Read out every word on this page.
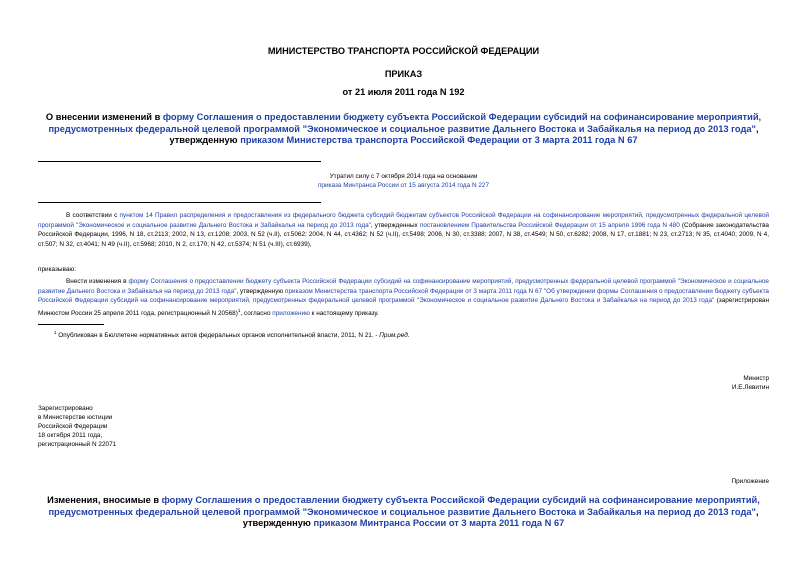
МИНИСТЕРСТВО ТРАНСПОРТА РОССИЙСКОЙ ФЕДЕРАЦИИ
ПРИКАЗ
от 21 июля 2011 года N 192
О внесении изменений в форму Соглашения о предоставлении бюджету субъекта Российской Федерации субсидий на софинансирование мероприятий,
предусмотренных федеральной целевой программой "Экономическое и социальное развитие Дальнего Востока и Забайкалья на период до 2013 года",
утвержденную приказом Министерства транспорта Российской Федерации от 3 марта 2011 года N 67
Утратил силу с 7 октября 2014 года на основании
приказа Минтранса России от 15 августа 2014 года N 227
В соответствии с пунктом 14 Правил распределения и предоставления из федерального бюджета субсидий бюджетам субъектов Российской Федерации на софинансирование мероприятий, предусмотренных федеральной целевой программой "Экономическое и социальное развитие Дальнего Востока и Забайкалья на период до 2013 года", утвержденных постановлением Правительства Российской Федерации от 15 апреля 1996 года N 480 (Собрание законодательства Российской Федерации, 1996, N 18, ст.2113; 2002, N 13, ст.1208; 2003, N 52 (ч.II), ст.5062; 2004, N 44, ст.4362; N 52 (ч.II), ст.5498; 2006, N 30, ст.3388; 2007, N 38, ст.4549; N 50, ст.6282; 2008, N 17, ст.1881; N 23, ст.2713; N 35, ст.4040; 2009, N 4, ст.507; N 32, ст.4041; N 49 (ч.II), ст.5968; 2010, N 2, ст.170; N 42, ст.5374; N 51 (ч.III), ст.6939),
приказываю:
Внести изменения в форму Соглашения о предоставлении бюджету субъекта Российской Федерации субсидий на софинансирование мероприятий, предусмотренных федеральной целевой программой "Экономическое и социальное развитие Дальнего Востока и Забайкалья на период до 2013 года", утвержденную приказом Министерства транспорта Российской Федерации от 3 марта 2011 года N 67 "Об утверждении формы Соглашения о предоставлении бюджету субъекта Российской Федерации субсидий на софинансирование мероприятий, предусмотренных федеральной целевой программой "Экономическое и социальное развитие Дальнего Востока и Забайкалья на период до 2013 года" (зарегистрирован Минюстом России 25 апреля 2011 года, регистрационный N 20568)$^1$, согласно приложению к настоящему приказу.
$^1$ Опубликован в Бюллетене нормативных актов федеральных органов исполнительной власти, 2011, N 21. - Прим.ред.
Министр
И.Е.Левитин
Зарегистрировано
в Министерстве юстиции
Российской Федерации
18 октября 2011 года,
регистрационный N 22071
Приложение
Изменения, вносимые в форму Соглашения о предоставлении бюджету субъекта Российской Федерации субсидий на софинансирование мероприятий,
предусмотренных федеральной целевой программой "Экономическое и социальное развитие Дальнего Востока и Забайкалья на период до 2013 года",
утвержденную приказом Минтранса России от 3 марта 2011 года N 67
